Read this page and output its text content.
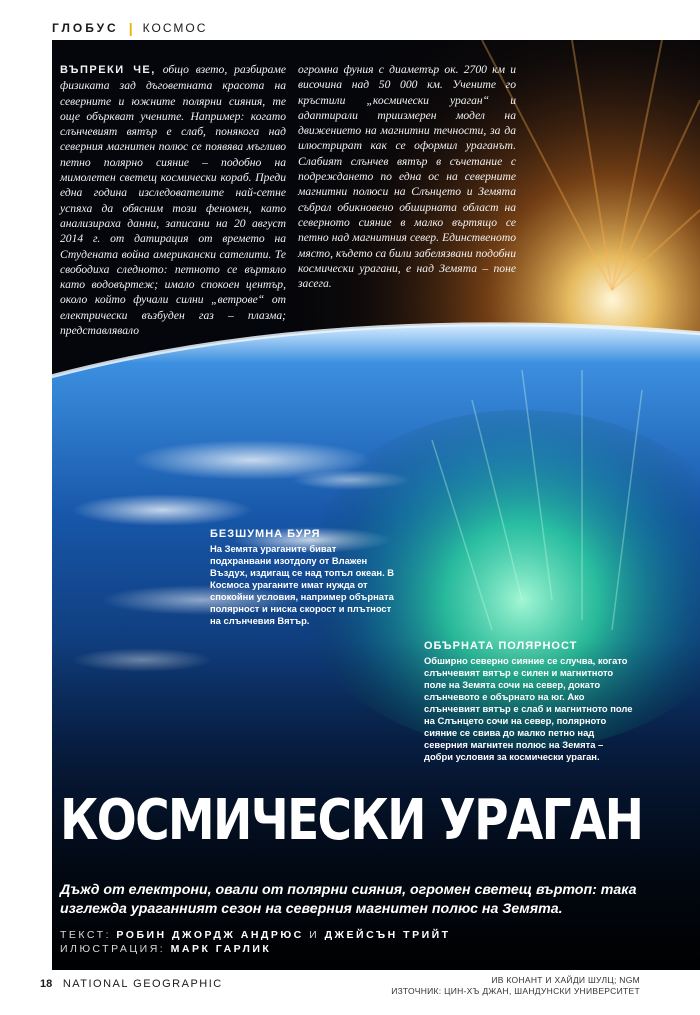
ГЛОБУС | КОСМОС
ВЪПРЕКИ ЧЕ, общо взето, разбираме физиката зад дъговетната красота на северните и южните полярни сияния, те още объркват учените. Например: когато слънчевият вятър е слаб, понякога над северния магнитен полюс се появява мъгливо петно полярно сияние – подобно на мимолетен светещ космически кораб. Преди една година изследователите най-сетне успяха да обясним този феномен, като анализираха данни, записани на 20 август 2014 г. от датирация от времето на Студената война американски сателити. Те свободиха следното: петното се въртяло като водовъртеж; имало спокоен център, около който фучали силни „ветрове“ от електрически възбуден газ – плазма; представлявало
огромна фуния с диаметър ок. 2700 км и височина над 50 000 км. Учените го кръстили „космически ураган“ и адаптирали триизмерен модел на движението на магнитни течности, за да илюстрират как се оформил ураганът. Слабият слънчев вятър в съчетание с подреждането по една ос на северните магнитни полюси на Слънцето и Земята събрал обикновено обширната област на северното сияние в малко въртящо се петно над магнитния север. Единственото място, където са били забелязвани подобни космически урагани, е над Земята – поне засега.
БЕЗШУМНА БУРЯ

На Земята ураганите биват подхранвани изотдолу от Влажен Въздух, издигащ се над топъл океан. В Космоса ураганите имат нужда от спокойни условия, например обърната полярност и ниска скорост и плътност на слънчевия Вятър.

ОБЪРНАТА ПОЛЯРНОСТ

Обширно северно сияние се случва, когато слънчевият вятър е силен и магнитното поле на Земята сочи на север, докато слънчевото е обърнато на юг. Ако слънчевият вятър е слаб и магнитното поле на Слънцето сочи на север, полярното сияние се свива до малко петно над северния магнитен полюс на Земята – добри условия за космически ураган.

КОСМИЧЕСКИ УРАГАН
Дъжд от електрони, овали от полярни сияния, огромен светещ въртоп: така изглежда ураганният сезон на северния магнитен полюс на Земята.
ТЕКСТ: РОБИН ДЖОРДЖ АНДРЮС И ДЖЕЙСЪН ТРИЙТ
ИЛЮСТРАЦИЯ: МАРК ГАРЛИК
18 NATIONAL GEOGRAPHIC	ИВ КОНАНТ И ХАЙДИ ШУЛЦ; NGM
ИЗТОЧНИК: ЦИН-ХЪ ДЖАН, ШАНДУНСКИ УНИВЕРСИТЕТ
